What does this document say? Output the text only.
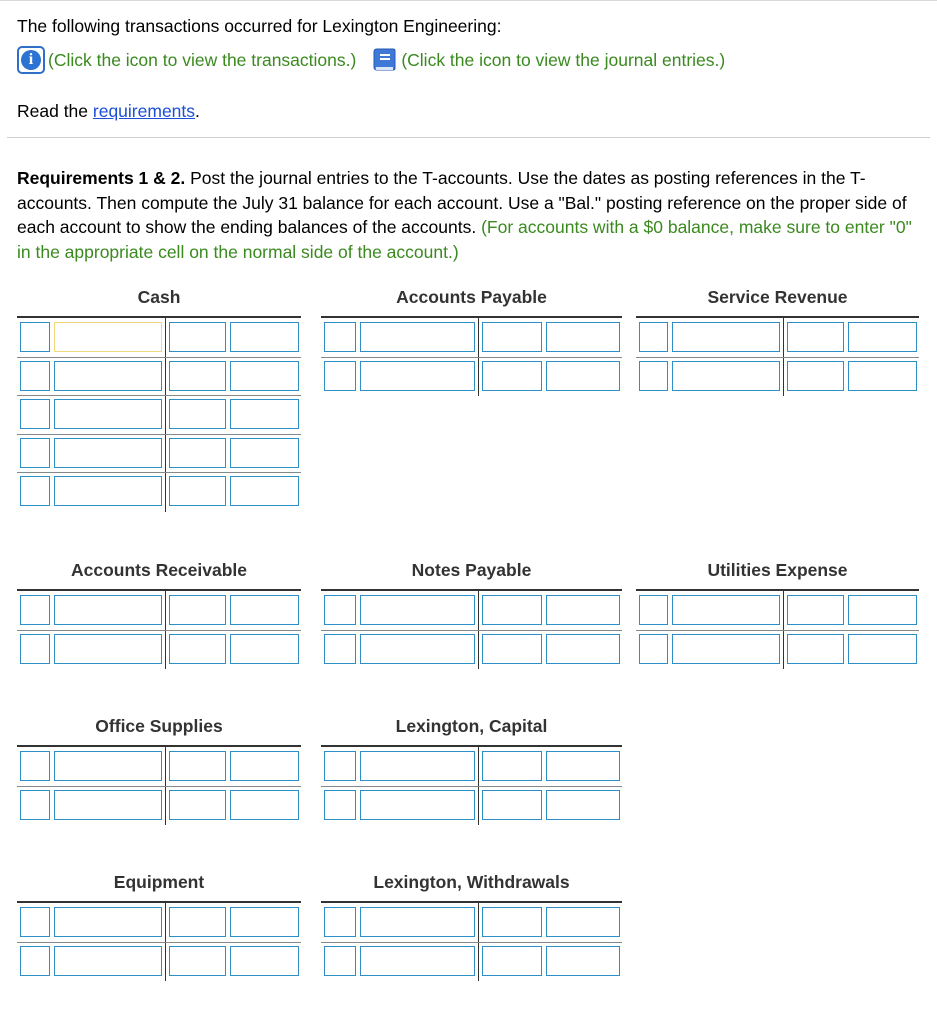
The following transactions occurred for Lexington Engineering:
i (Click the icon to view the transactions.)	(Click the icon to view the journal entries.)
Read the requirements.
Requirements 1 & 2. Post the journal entries to the T-accounts. Use the dates as posting references in the T-accounts. Then compute the July 31 balance for each account. Use a "Bal." posting reference on the proper side of each account to show the ending balances of the accounts. (For accounts with a $0 balance, make sure to enter "0" in the appropriate cell on the normal side of the account.)
Cash	Accounts Payable	Service Revenue
Accounts Receivable	Notes Payable	Utilities Expense
Office Supplies	Lexington, Capital
Equipment	Lexington, Withdrawals
